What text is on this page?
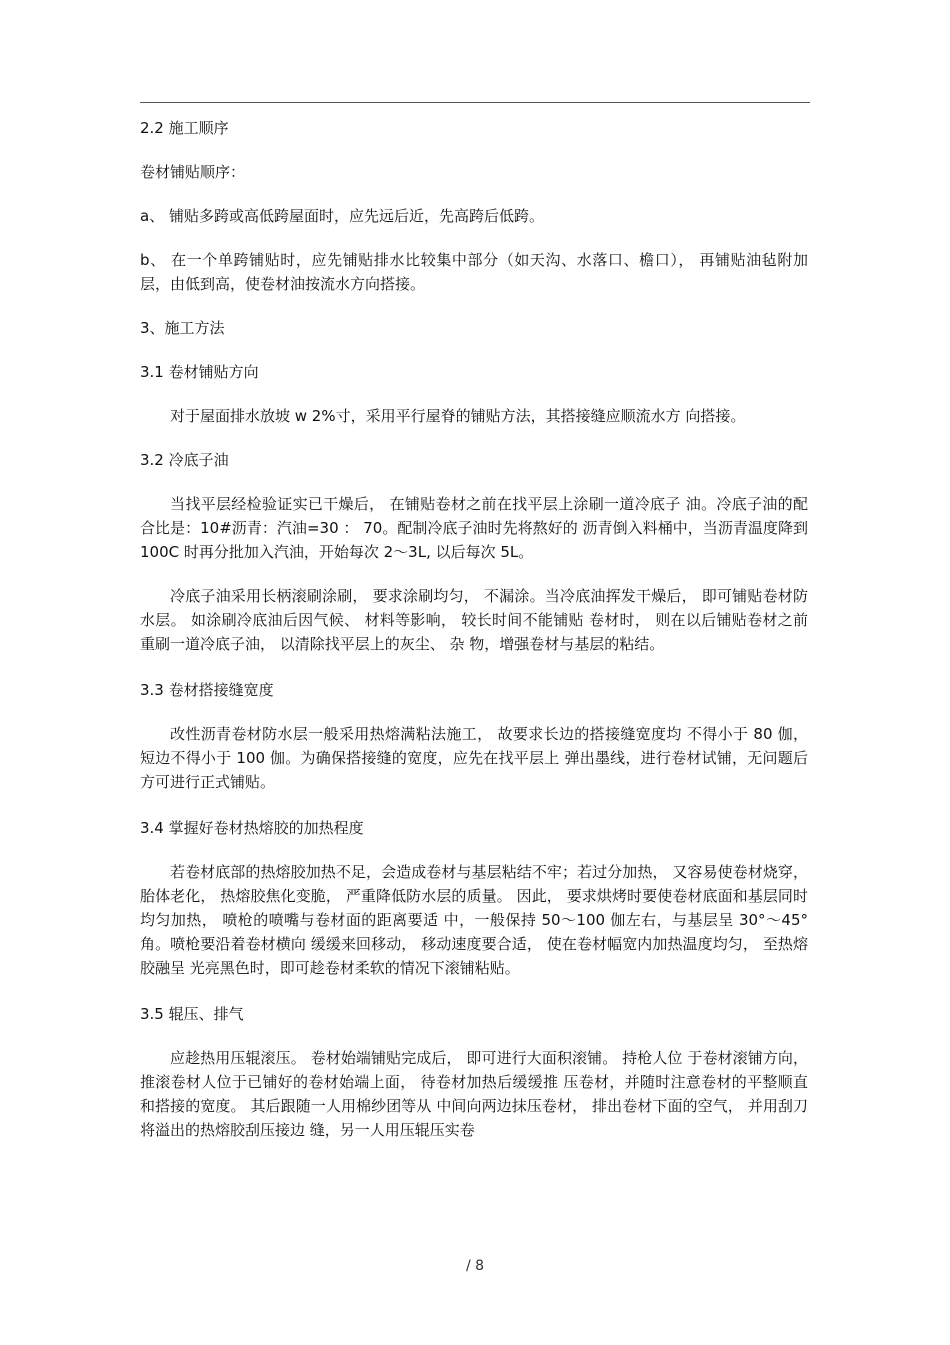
2.2 施工顺序
卷材铺贴顺序：
a、 铺贴多跨或高低跨屋面时，应先远后近，先高跨后低跨。
b、 在一个单跨铺贴时，应先铺贴排水比较集中部分（如天沟、水落口、檐口）， 再铺贴油毡附加层，由低到高，使卷材油按流水方向搭接。
3、施工方法
3.1 卷材铺贴方向
对于屋面排水放坡 w 2%寸，采用平行屋脊的铺贴方法，其搭接缝应顺流水方 向搭接。
3.2 冷底子油
当找平层经检验证实已干燥后， 在铺贴卷材之前在找平层上涂刷一道冷底子 油。冷底子油的配合比是：10#沥青：汽油=30 ： 70。配制冷底子油时先将熬好的 沥青倒入料桶中，当沥青温度降到 100C 时再分批加入汽油，开始每次 2〜3L, 以后每次 5L。
冷底子油采用长柄滚刷涂刷， 要求涂刷均匀， 不漏涂。当冷底油挥发干燥后， 即可铺贴卷材防水层。 如涂刷冷底油后因气候、 材料等影响， 较长时间不能铺贴 卷材时， 则在以后铺贴卷材之前重刷一道冷底子油， 以清除找平层上的灰尘、 杂 物，增强卷材与基层的粘结。
3.3 卷材搭接缝宽度
改性沥青卷材防水层一般采用热熔满粘法施工， 故要求长边的搭接缝宽度均 不得小于 80 伽，短边不得小于 100 伽。为确保搭接缝的宽度，应先在找平层上 弹出墨线，进行卷材试铺，无问题后方可进行正式铺贴。
3.4 掌握好卷材热熔胶的加热程度
若卷材底部的热熔胶加热不足，会造成卷材与基层粘结不牢；若过分加热， 又容易使卷材烧穿， 胎体老化， 热熔胶焦化变脆， 严重降低防水层的质量。 因此， 要求烘烤时要使卷材底面和基层同时均匀加热， 喷枪的喷嘴与卷材面的距离要适 中，一般保持 50〜100 伽左右，与基层呈 30°〜45°角。喷枪要沿着卷材横向 缓缓来回移动， 移动速度要合适， 使在卷材幅宽内加热温度均匀， 至热熔胶融呈 光亮黑色时，即可趁卷材柔软的情况下滚铺粘贴。
3.5 辊压、排气
应趁热用压辊滚压。 卷材始端铺贴完成后， 即可进行大面积滚铺。 持枪人位 于卷材滚铺方向， 推滚卷材人位于已铺好的卷材始端上面， 待卷材加热后缓缓推 压卷材，并随时注意卷材的平整顺直和搭接的宽度。 其后跟随一人用棉纱团等从 中间向两边抹压卷材， 排出卷材下面的空气， 并用刮刀将溢出的热熔胶刮压接边 缝，另一人用压辊压实卷
/ 8
